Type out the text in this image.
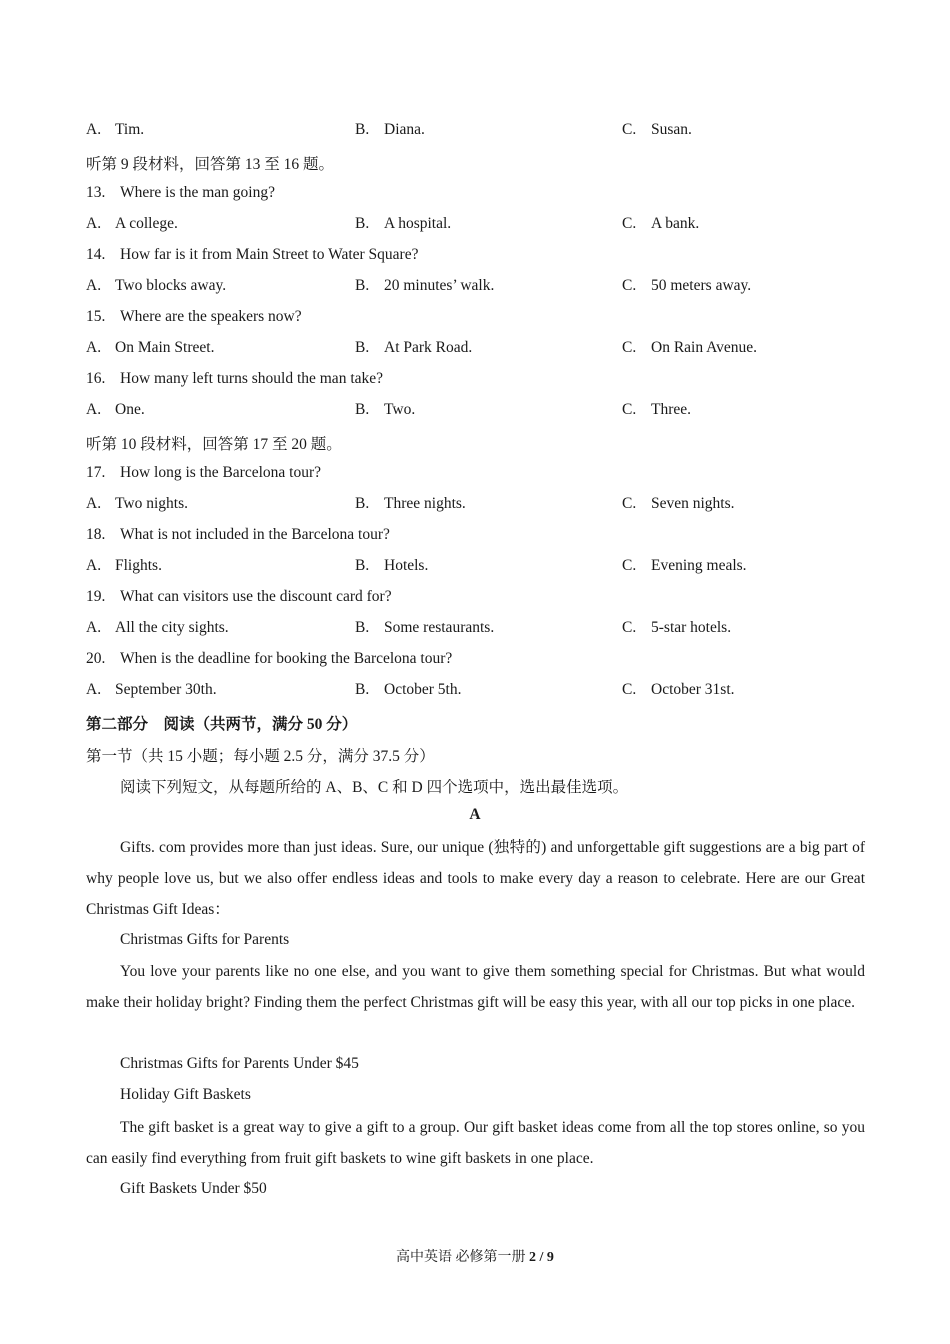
A. Tim.	B. Diana.	C. Susan.
听第 9 段材料，回答第 13 至 16 题。
13. Where is the man going?
A. A college.	B. A hospital.	C. A bank.
14. How far is it from Main Street to Water Square?
A. Two blocks away.	B. 20 minutes’ walk.	C. 50 meters away.
15. Where are the speakers now?
A. On Main Street.	B. At Park Road.	C. On Rain Avenue.
16. How many left turns should the man take?
A. One.	B. Two.	C. Three.
听第 10 段材料，回答第 17 至 20 题。
17. How long is the Barcelona tour?
A. Two nights.	B. Three nights.	C. Seven nights.
18. What is not included in the Barcelona tour?
A. Flights.	B. Hotels.	C. Evening meals.
19. What can visitors use the discount card for?
A. All the city sights.	B. Some restaurants.	C. 5-star hotels.
20. When is the deadline for booking the Barcelona tour?
A. September 30th.	B. October 5th.	C. October 31st.
第二部分　阅读（共两节，满分 50 分）
第一节（共 15 小题；每小题 2.5 分，满分 37.5 分）
阅读下列短文，从每题所给的 A、B、C 和 D 四个选项中，选出最佳选项。
A
Gifts. com provides more than just ideas. Sure, our unique (独特的) and unforgettable gift suggestions are a big part of why people love us, but we also offer endless ideas and tools to make every day a reason to celebrate. Here are our Great Christmas Gift Ideas：
Christmas Gifts for Parents
You love your parents like no one else, and you want to give them something special for Christmas. But what would make their holiday bright? Finding them the perfect Christmas gift will be easy this year, with all our top picks in one place.
Christmas Gifts for Parents Under $45
Holiday Gift Baskets
The gift basket is a great way to give a gift to a group. Our gift basket ideas come from all the top stores online, so you can easily find everything from fruit gift baskets to wine gift baskets in one place.
Gift Baskets Under $50
高中英语 必修第一册 2 / 9
